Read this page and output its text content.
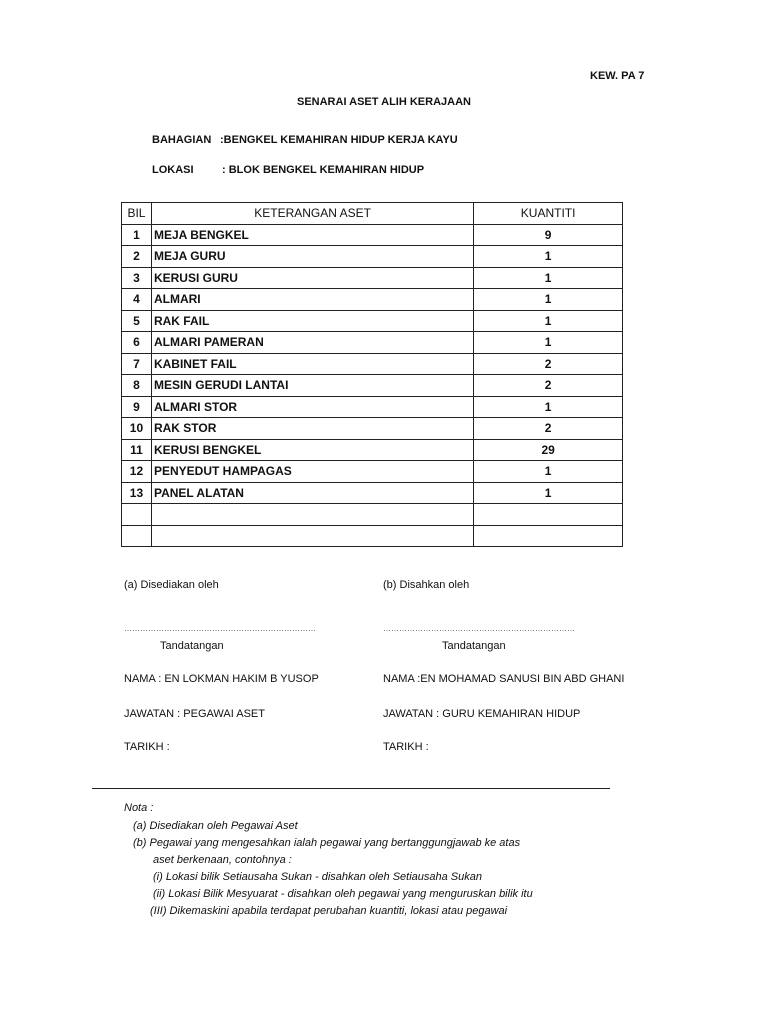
KEW. PA 7
SENARAI ASET ALIH KERAJAAN
BAHAGIAN :BENGKEL KEMAHIRAN HIDUP KERJA KAYU
LOKASI	: BLOK BENGKEL KEMAHIRAN HIDUP
BIL	KETERANGAN ASET	KUANTITI
1	MEJA BENGKEL	9
2	MEJA GURU	1
3	KERUSI GURU	1
4	ALMARI	1
5	RAK FAIL	1
6	ALMARI PAMERAN	1
7	KABINET FAIL	2
8	MESIN GERUDI LANTAI	2
9	ALMARI STOR	1
10	RAK STOR	2
11	KERUSI BENGKEL	29
12	PENYEDUT HAMPAGAS	1
13	PANEL ALATAN	1

(a) Disediakan oleh
………………………………………………………………
Tandatangan
NAMA : EN LOKMAN HAKIM B YUSOP
JAWATAN : PEGAWAI ASET
TARIKH :
(b) Disahkan oleh
………………………………………………………………
Tandatangan
NAMA :EN MOHAMAD SANUSI BIN ABD GHANI
JAWATAN : GURU KEMAHIRAN HIDUP
TARIKH :
Nota :
(a) Disediakan oleh Pegawai Aset
(b) Pegawai yang mengesahkan ialah pegawai yang bertanggungjawab ke atas
aset berkenaan, contohnya :
(i) Lokasi bilik Setiausaha Sukan - disahkan oleh Setiausaha Sukan
(ii) Lokasi Bilik Mesyuarat - disahkan oleh pegawai yang menguruskan bilik itu
(III) Dikemaskini apabila terdapat perubahan kuantiti, lokasi atau pegawai
